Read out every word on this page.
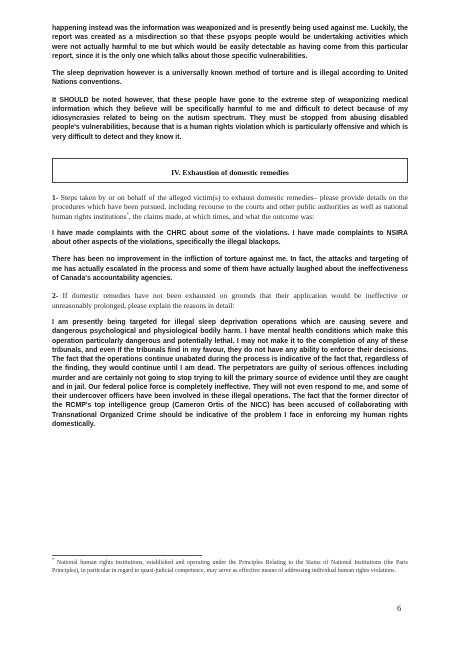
happening instead was the information was weaponized and is presently being used against me. Luckily, the report was created as a misdirection so that these psyops people would be undertaking activities which were not actually harmful to me but which would be easily detectable as having come from this particular report, since it is the only one which talks about those specific vulnerabilities.

The sleep deprivation however is a universally known method of torture and is illegal according to United Nations conventions.

It SHOULD be noted however, that these people have gone to the extreme step of weaponizing medical information which they believe will be specifically harmful to me and difficult to detect because of my idiosyncrasies related to being on the autism spectrum. They must be stopped from abusing disabled people's vulnerabilities, because that is a human rights violation which is particularly offensive and which is very difficult to detect and they know it.

IV. Exhaustion of domestic remedies

1- Steps taken by or on behalf of the alleged victim(s) to exhaust domestic remedies– please provide details on the procedures which have been pursued, including recourse to the courts and other public authorities as well as national human rights institutions*, the claims made, at which times, and what the outcome was:

I have made complaints with the CHRC about some of the violations. I have made complaints to NSIRA about other aspects of the violations, specifically the illegal blackops.

There has been no improvement in the infliction of torture against me. In fact, the attacks and targeting of me has actually escalated in the process and some of them have actually laughed about the ineffectiveness of Canada's accountability agencies.

2- If domestic remedies have not been exhausted on grounds that their application would be ineffective or unreasonably prolonged, please explain the reasons in detail:

I am presently being targeted for illegal sleep deprivation operations which are causing severe and dangerous psychological and physiological bodily harm. I have mental health conditions which make this operation particularly dangerous and potentially lethal. I may not make it to the completion of any of these tribunals, and even if the tribunals find in my favour, they do not have any ability to enforce their decisions. The fact that the operations continue unabated during the process is indicative of the fact that, regardless of the finding, they would continue until I am dead. The perpetrators are guilty of serious offences including murder and are certainly not going to stop trying to kill the primary source of evidence until they are caught and in jail. Our federal police force is completely ineffective. They will not even respond to me, and some of their undercover officers have been involved in these illegal operations. The fact that the former director of the RCMP's top intelligence group (Cameron Ortis of the NICC) has been accused of collaborating with Transnational Organized Crime should be indicative of the problem I face in enforcing my human rights domestically.

* National human rights institutions, established and operating under the Principles Relating to the Status of National Institutions (the Paris Principles), in particular in regard to quasi-judicial competence, may serve as effective means of addressing individual human rights violations.
6
